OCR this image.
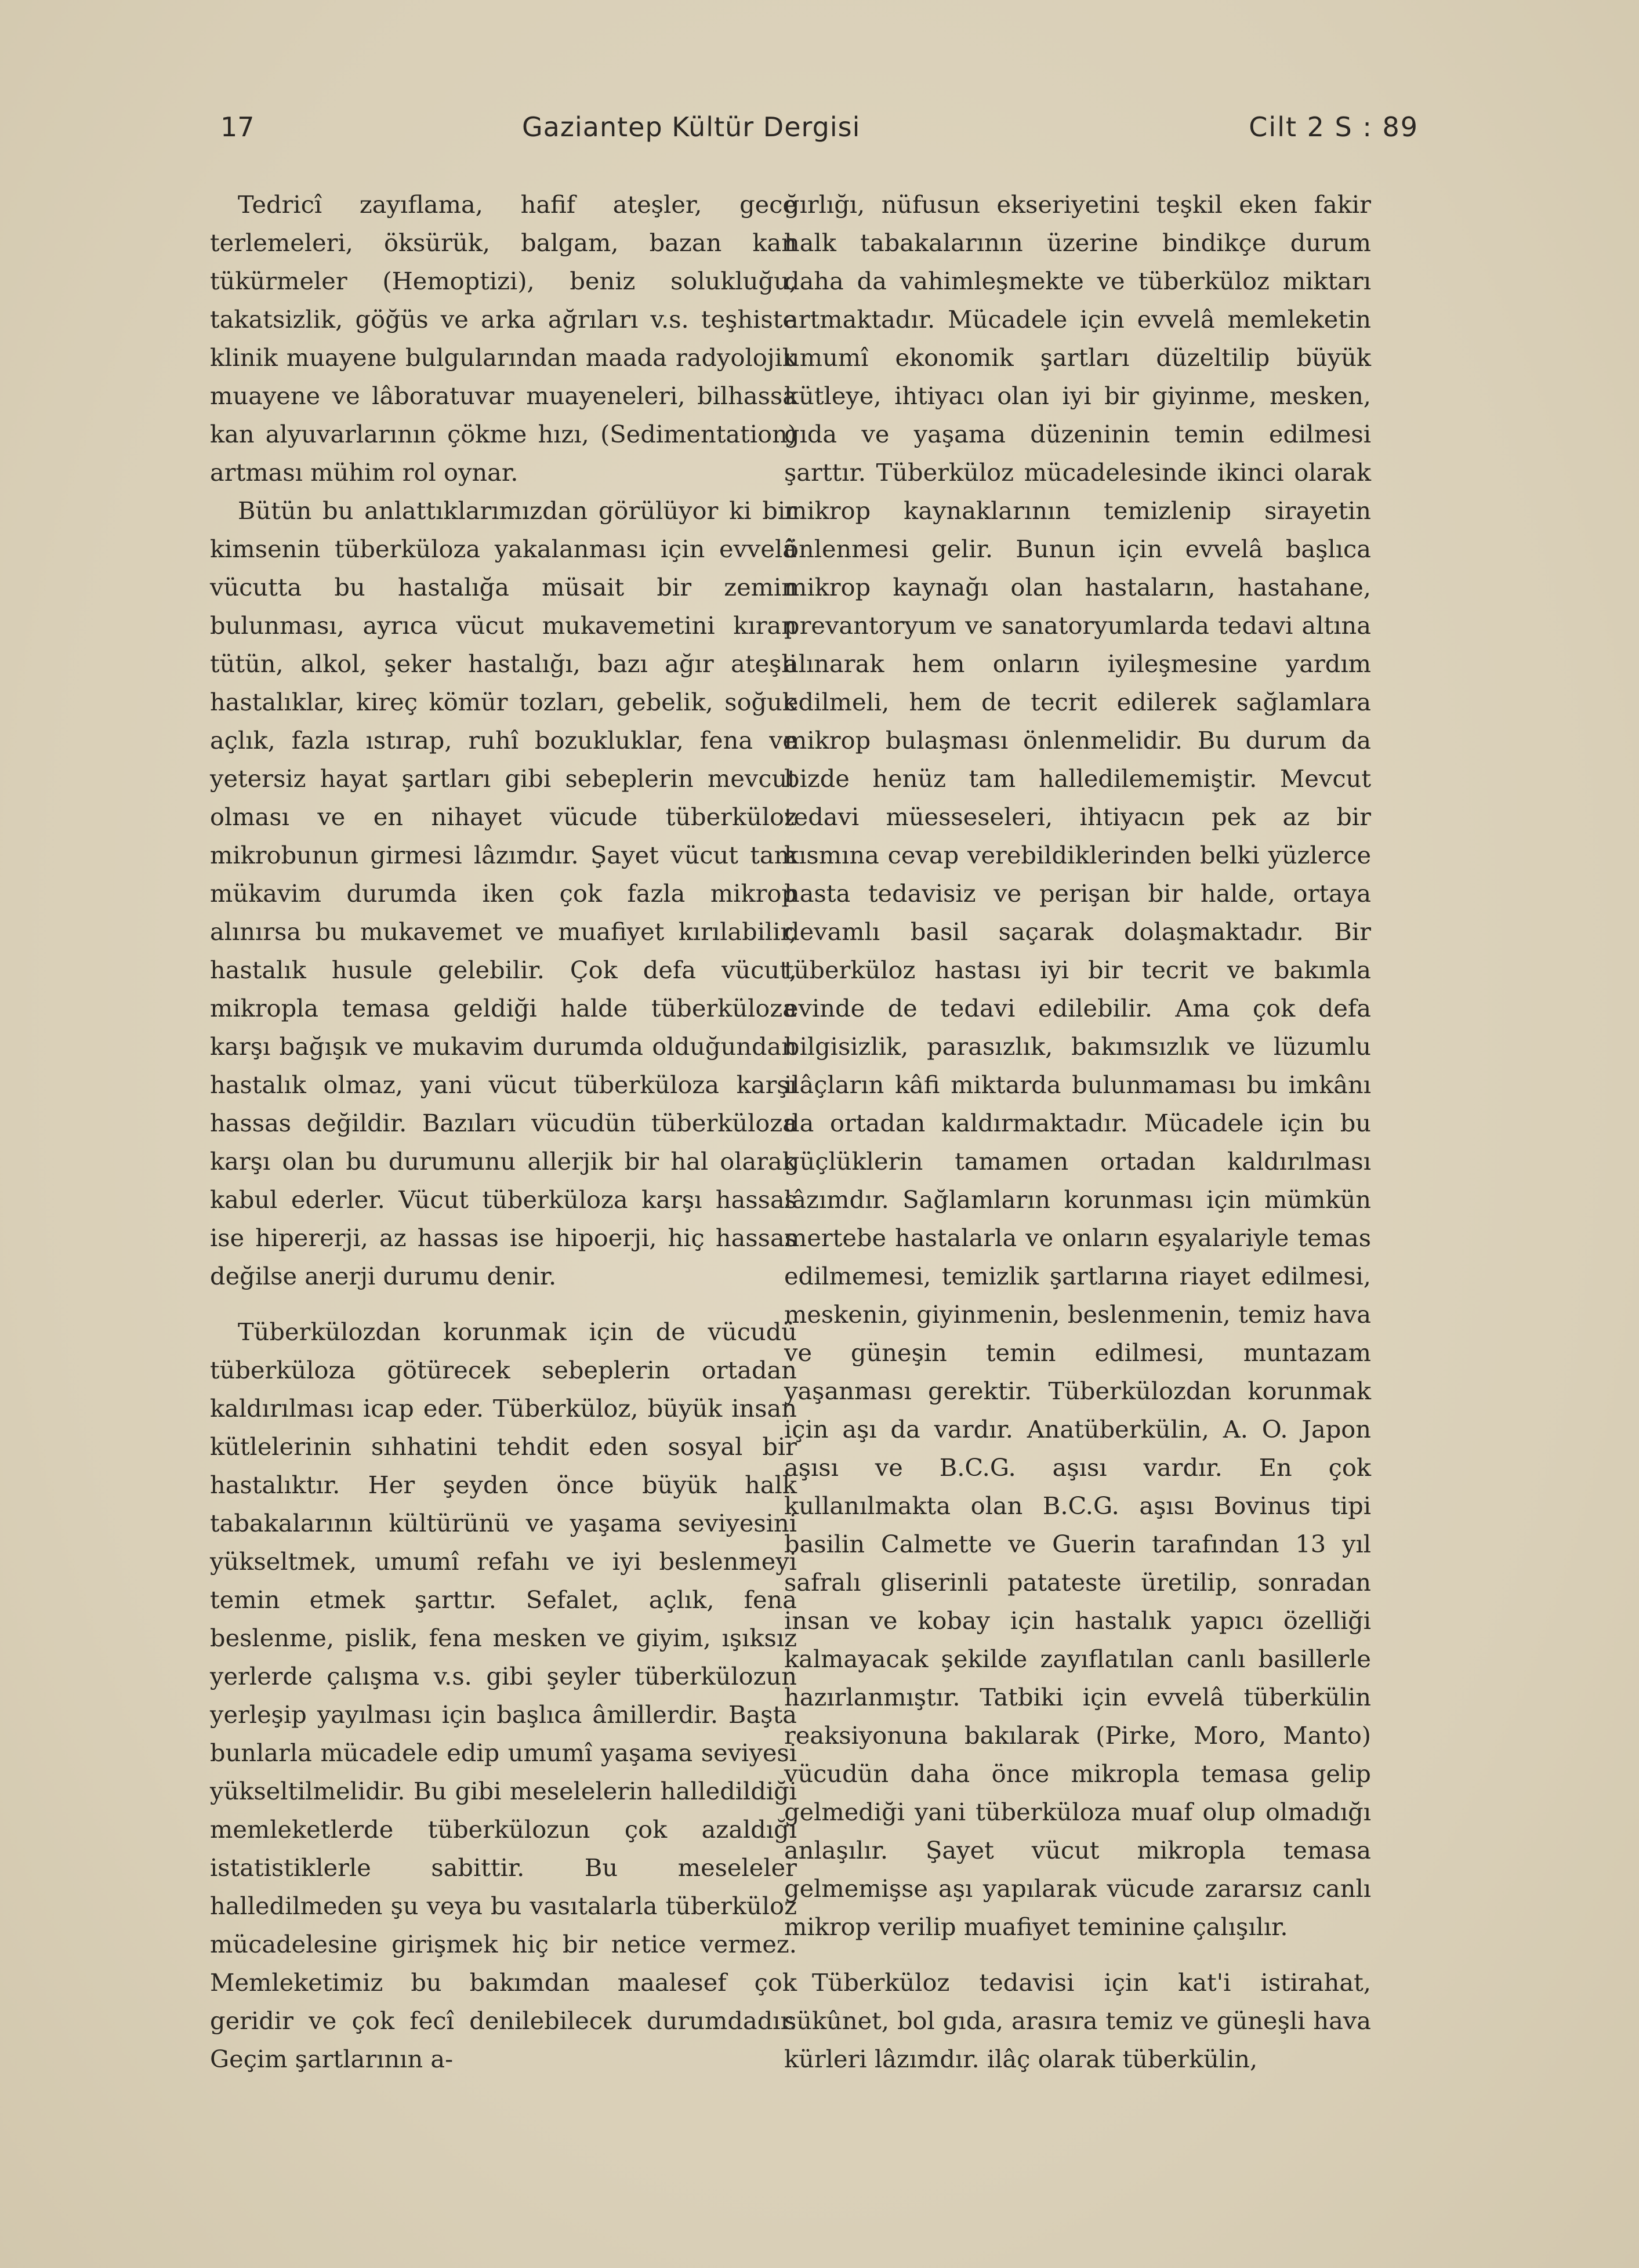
17	Gaziantep Kültür Dergisi	Cilt 2 S : 89

Tedricî zayıflama, hafif ateşler, gece terlemeleri, öksürük, balgam, bazan kan tükürmeler (Hemoptizi), beniz solukluğu, takatsizlik, göğüs ve arka ağrıları v.s. teşhiste klinik muayene bulgularından maada radyolojik muayene ve lâboratuvar muayeneleri, bilhassa kan alyuvarlarının çökme hızı, (Sedimentation) artması mühim rol oynar.

Bütün bu anlattıklarımızdan görülüyor ki bir kimsenin tüberküloza yakalanması için evvelâ vücutta bu hastalığa müsait bir zemin bulunması, ayrıca vücut mukavemetini kıran tütün, alkol, şeker hastalığı, bazı ağır ateşli hastalıklar, kireç kömür tozları, gebelik, soğuk açlık, fazla ıstırap, ruhî bozukluklar, fena ve yetersiz hayat şartları gibi sebeplerin mevcut olması ve en nihayet vücude tüberküloz mikrobunun girmesi lâzımdır. Şayet vücut tam mükavim durumda iken çok fazla mikrop alınırsa bu mukavemet ve muafiyet kırılabilir, hastalık husule gelebilir. Çok defa vücut, mikropla temasa geldiği halde tüberküloza karşı bağışık ve mukavim durumda olduğundan hastalık olmaz, yani vücut tüberküloza karşı hassas değildir. Bazıları vücudün tüberküloza karşı olan bu durumunu allerjik bir hal olarak kabul ederler. Vücut tüberküloza karşı hassas ise hipererji, az hassas ise hipoerji, hiç hassas değilse anerji durumu denir.

Tüberkülozdan korunmak için de vücudü tüberküloza götürecek sebeplerin ortadan kaldırılması icap eder. Tüberküloz, büyük insan kütlelerinin sıhhatini tehdit eden sosyal bir hastalıktır. Her şeyden önce büyük halk tabakalarının kültürünü ve yaşama seviyesini yükseltmek, umumî refahı ve iyi beslenmeyi temin etmek şarttır. Sefalet, açlık, fena beslenme, pislik, fena mesken ve giyim, ışıksız yerlerde çalışma v.s. gibi şeyler tüberkülozun yerleşip yayılması için başlıca âmillerdir. Başta bunlarla mücadele edip umumî yaşama seviyesi yükseltilmelidir. Bu gibi meselelerin halledildiği memleketlerde tüberkülozun çok azaldığı istatistiklerle sabittir. Bu meseleler halledilmeden şu veya bu vasıtalarla tüberküloz mücadelesine girişmek hiç bir netice vermez. Memleketimiz bu bakımdan maalesef çok geridir ve çok fecî denilebilecek durumdadır. Geçim şartlarının a-

ğırlığı, nüfusun ekseriyetini teşkil eken fakir halk tabakalarının üzerine bindikçe durum daha da vahimleşmekte ve tüberküloz miktarı artmaktadır. Mücadele için evvelâ memleketin umumî ekonomik şartları düzeltilip büyük kütleye, ihtiyacı olan iyi bir giyinme, mesken, gıda ve yaşama düzeninin temin edilmesi şarttır. Tüberküloz mücadelesinde ikinci olarak mikrop kaynaklarının temizlenip sirayetin önlenmesi gelir. Bunun için evvelâ başlıca mikrop kaynağı olan hastaların, hastahane, prevantoryum ve sanatoryumlarda tedavi altına alınarak hem onların iyileşmesine yardım edilmeli, hem de tecrit edilerek sağlamlara mikrop bulaşması önlenmelidir. Bu durum da bizde henüz tam halledilememiştir. Mevcut tedavi müesseseleri, ihtiyacın pek az bir kısmına cevap verebildiklerinden belki yüzlerce hasta tedavisiz ve perişan bir halde, ortaya devamlı basil saçarak dolaşmaktadır. Bir tüberküloz hastası iyi bir tecrit ve bakımla evinde de tedavi edilebilir. Ama çok defa bilgisizlik, parasızlık, bakımsızlık ve lüzumlu ilâçların kâfi miktarda bulunmaması bu imkânı da ortadan kaldırmaktadır. Mücadele için bu güçlüklerin tamamen ortadan kaldırılması lâzımdır. Sağlamların korunması için mümkün mertebe hastalarla ve onların eşyalariyle temas edilmemesi, temizlik şartlarına riayet edilmesi, meskenin, giyinmenin, beslenmenin, temiz hava ve güneşin temin edilmesi, muntazam yaşanması gerektir. Tüberkülozdan korunmak için aşı da vardır. Anatüberkülin, A. O. Japon aşısı ve B.C.G. aşısı vardır. En çok kullanılmakta olan B.C.G. aşısı Bovinus tipi basilin Calmette ve Guerin tarafından 13 yıl safralı gliserinli patateste üretilip, sonradan insan ve kobay için hastalık yapıcı özelliği kalmayacak şekilde zayıflatılan canlı basillerle hazırlanmıştır. Tatbiki için evvelâ tüberkülin reaksiyonuna bakılarak (Pirke, Moro, Manto) vücudün daha önce mikropla temasa gelip gelmediği yani tüberküloza muaf olup olmadığı anlaşılır. Şayet vücut mikropla temasa gelmemişse aşı yapılarak vücude zararsız canlı mikrop verilip muafiyet teminine çalışılır.

Tüberküloz tedavisi için kat'i istirahat, sükûnet, bol gıda, arasıra temiz ve güneşli hava kürleri lâzımdır. ilâç olarak tüberkülin,
